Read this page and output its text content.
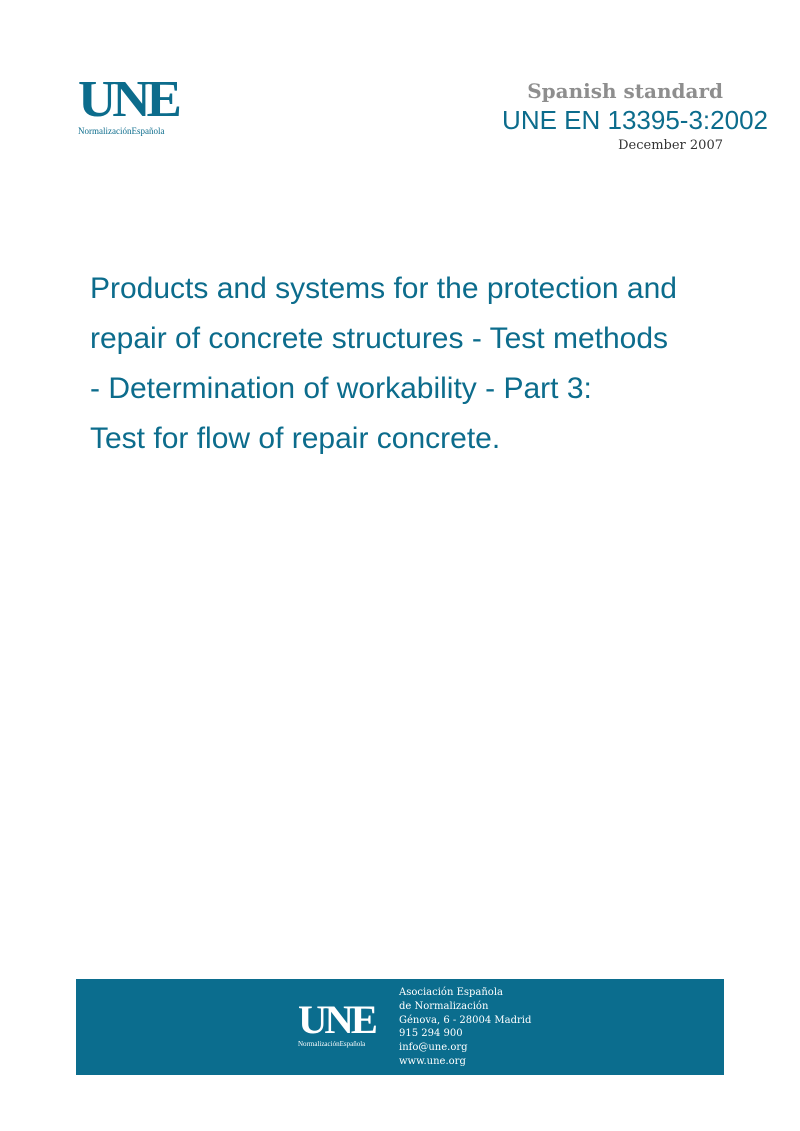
UNE
NormalizaciónEspañola
Spanish standard
UNE EN 13395-3:2002
December 2007
Products and systems for the protection and
repair of concrete structures - Test methods
- Determination of workability - Part 3:
Test for flow of repair concrete.
UNE
NormalizaciónEspañola
Asociación Española
de Normalización
Génova, 6 - 28004 Madrid
915 294 900
info@une.org
www.une.org
